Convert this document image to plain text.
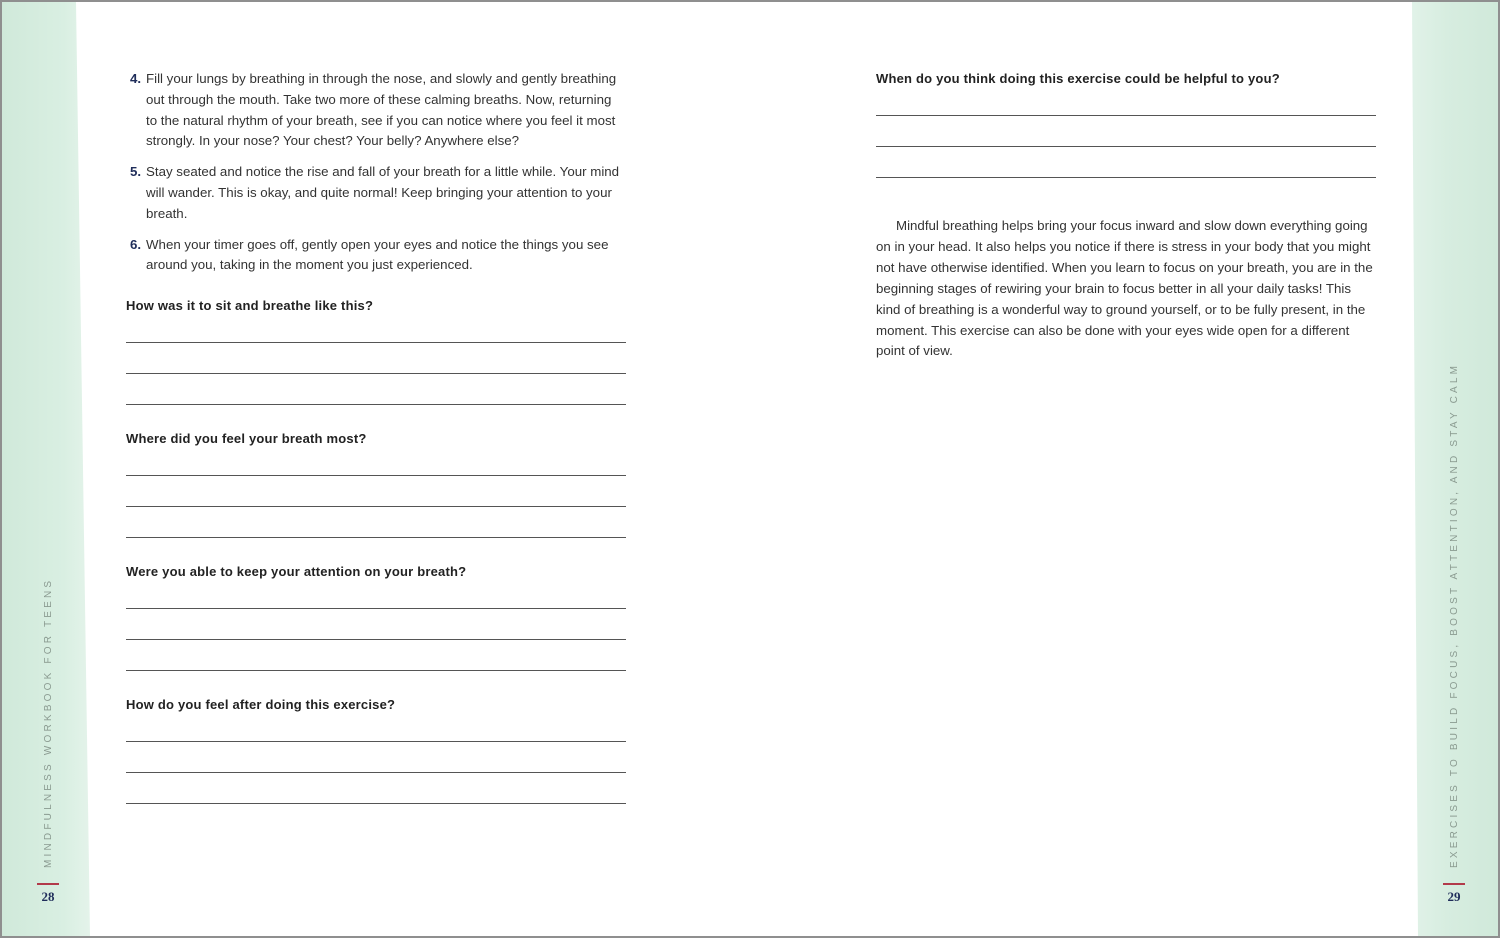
MINDFULNESS WORKBOOK FOR TEENS	EXERCISES TO BUILD FOCUS, BOOST ATTENTION, AND STAY CALM
28	29
4. Fill your lungs by breathing in through the nose, and slowly and gently breathing out through the mouth. Take two more of these calming breaths. Now, returning to the natural rhythm of your breath, see if you can notice where you feel it most strongly. In your nose? Your chest? Your belly? Anywhere else?
5. Stay seated and notice the rise and fall of your breath for a little while. Your mind will wander. This is okay, and quite normal! Keep bringing your attention to your breath.
6. When your timer goes off, gently open your eyes and notice the things you see around you, taking in the moment you just experienced.
How was it to sit and breathe like this?
Where did you feel your breath most?
Were you able to keep your attention on your breath?
How do you feel after doing this exercise?
When do you think doing this exercise could be helpful to you?

Mindful breathing helps bring your focus inward and slow down everything going on in your head. It also helps you notice if there is stress in your body that you might not have otherwise identified. When you learn to focus on your breath, you are in the beginning stages of rewiring your brain to focus better in all your daily tasks! This kind of breathing is a wonderful way to ground yourself, or to be fully present, in the moment. This exercise can also be done with your eyes wide open for a different point of view.
